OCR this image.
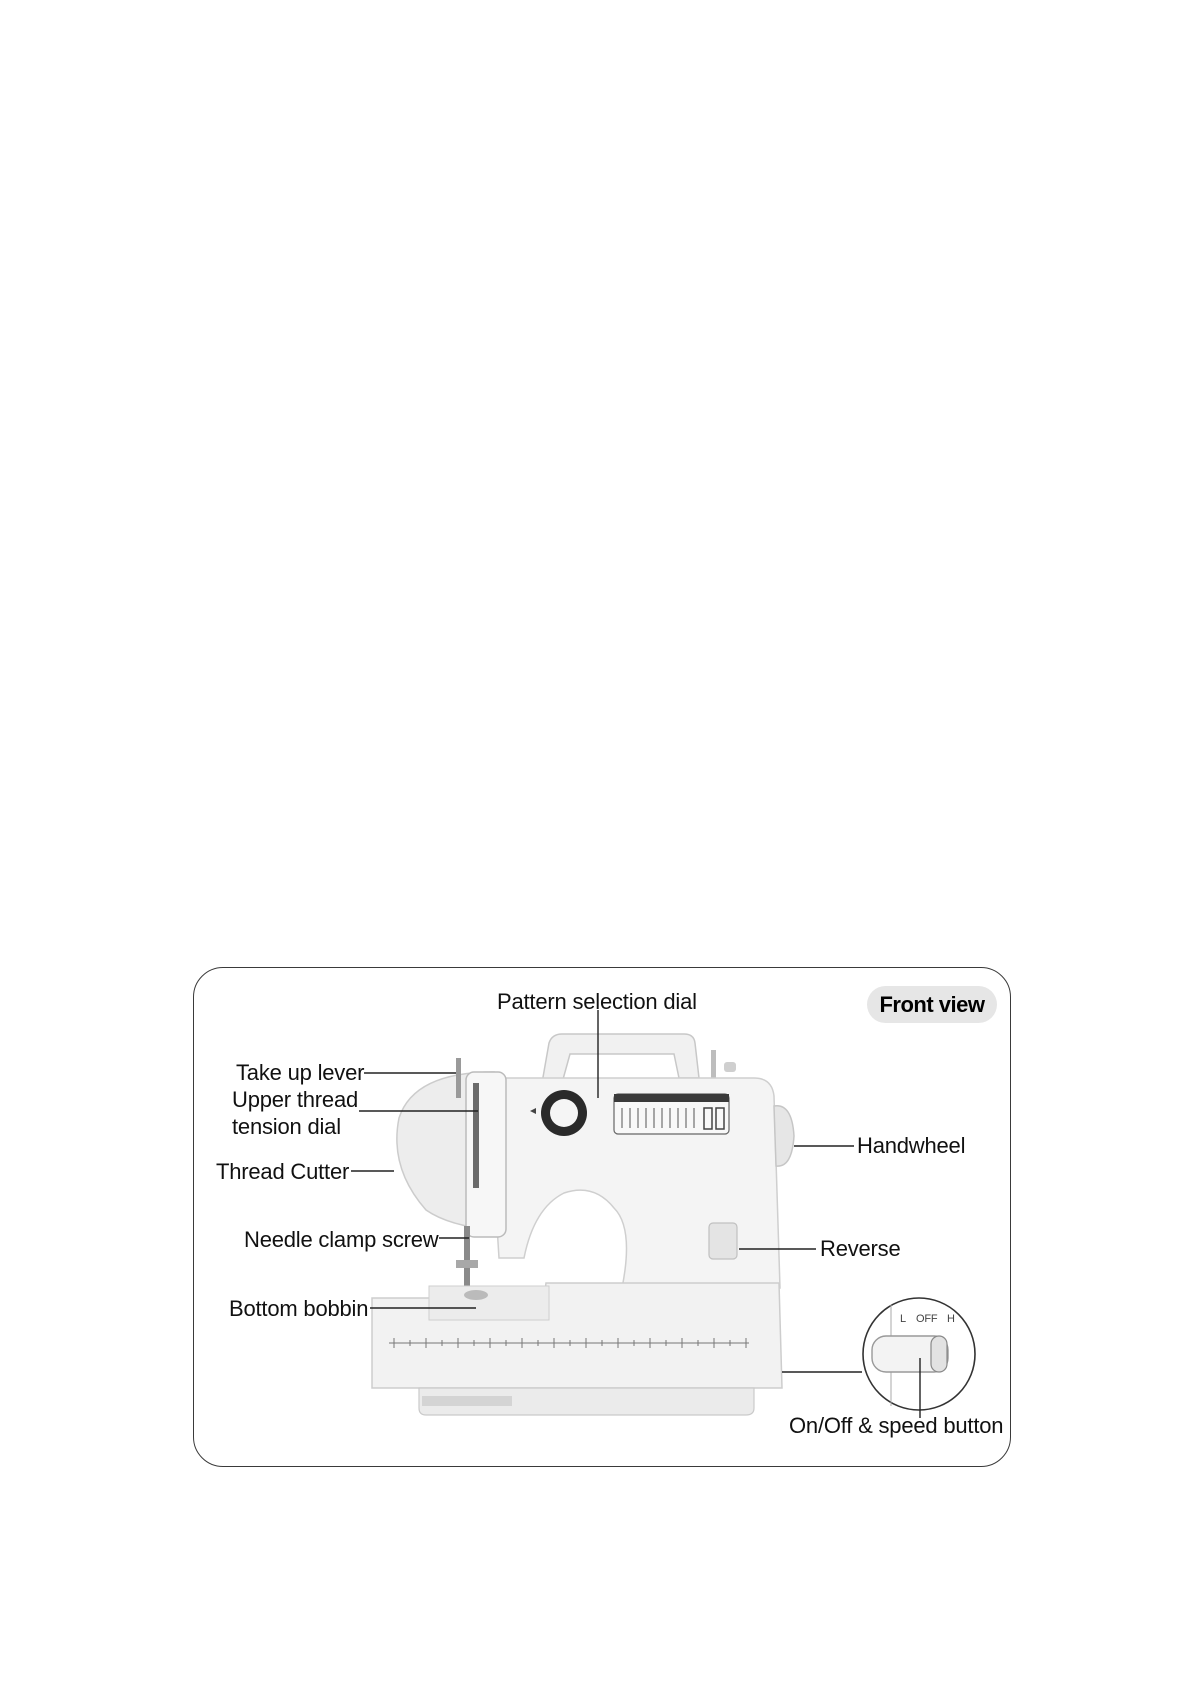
Front view
Pattern selection dial
Take up lever
Upper thread
tension dial
Thread Cutter
Needle clamp screw
Bottom bobbin
Handwheel
Reverse
On/Off & speed button
L OFF H
